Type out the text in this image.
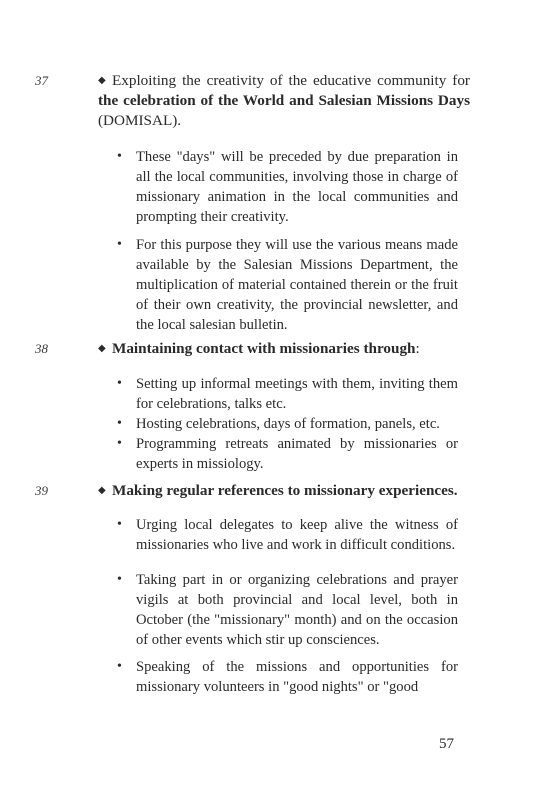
37	◆ Exploiting the creativity of the educative community for the celebration of the World and Salesian Missions Days (DOMISAL).
• These "days" will be preceded by due preparation in all the local communities, involving those in charge of missionary animation in the local communities and prompting their creativity.
• For this purpose they will use the various means made available by the Salesian Missions Department, the multiplication of material contained therein or the fruit of their own creativity, the provincial newsletter, and the local salesian bulletin.
38	◆ Maintaining contact with missionaries through:
• Setting up informal meetings with them, inviting them for celebrations, talks etc.
• Hosting celebrations, days of formation, panels, etc.
• Programming retreats animated by missionaries or experts in missiology.
39	◆ Making regular references to missionary experiences.
• Urging local delegates to keep alive the witness of missionaries who live and work in difficult conditions.
• Taking part in or organizing celebrations and prayer vigils at both provincial and local level, both in October (the "missionary" month) and on the occasion of other events which stir up consciences.
• Speaking of the missions and opportunities for missionary volunteers in "good nights" or "good
57
